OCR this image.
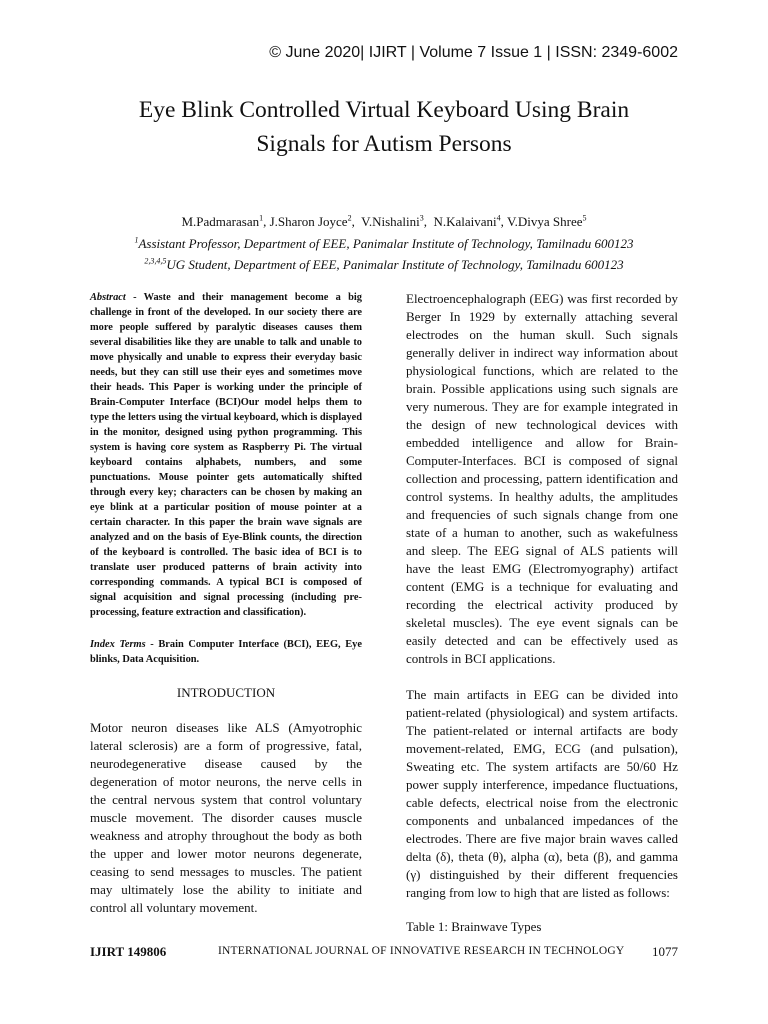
© June 2020| IJIRT | Volume 7 Issue 1 | ISSN: 2349-6002
Eye Blink Controlled Virtual Keyboard Using Brain
Signals for Autism Persons
M.Padmarasan$^1$, J.Sharon Joyce$^2$,  V.Nishalini$^3$,  N.Kalaivani$^4$, V.Divya Shree$^5$
$^1$Assistant Professor, Department of EEE, Panimalar Institute of Technology, Tamilnadu 600123
$^{2,3,4,5}$UG Student, Department of EEE, Panimalar Institute of Technology, Tamilnadu 600123

Abstract - Waste and their management become a big challenge in front of the developed. In our society there are more people suffered by paralytic diseases causes them several disabilities like they are unable to talk and unable to move physically and unable to express their everyday basic needs, but they can still use their eyes and sometimes move their heads. This Paper is working under the principle of Brain-Computer Interface (BCI)Our model helps them to type the letters using the virtual keyboard, which is displayed in the monitor, designed using python programming. This system is having core system as Raspberry Pi. The virtual keyboard contains alphabets, numbers, and some punctuations. Mouse pointer gets automatically shifted through every key; characters can be chosen by making an eye blink at a particular position of mouse pointer at a certain character. In this paper the brain wave signals are analyzed and on the basis of Eye-Blink counts, the direction of the keyboard is controlled. The basic idea of BCI is to translate user produced patterns of brain activity into corresponding commands. A typical BCI is composed of signal acquisition and signal processing (including pre-processing, feature extraction and classification).

Index Terms - Brain Computer Interface (BCI), EEG, Eye blinks, Data Acquisition.

INTRODUCTION

Motor neuron diseases like ALS (Amyotrophic lateral sclerosis) are a form of progressive, fatal, neurodegenerative disease caused by the degeneration of motor neurons, the nerve cells in the central nervous system that control voluntary muscle movement. The disorder causes muscle weakness and atrophy throughout the body as both the upper and lower motor neurons degenerate, ceasing to send messages to muscles. The patient may ultimately lose the ability to initiate and control all voluntary movement.

Electroencephalograph (EEG) was first recorded by Berger In 1929 by externally attaching several electrodes on the human skull. Such signals generally deliver in indirect way information about physiological functions, which are related to the brain. Possible applications using such signals are very numerous. They are for example integrated in the design of new technological devices with embedded intelligence and allow for Brain-Computer-Interfaces. BCI is composed of signal collection and processing, pattern identification and control systems. In healthy adults, the amplitudes and frequencies of such signals change from one state of a human to another, such as wakefulness and sleep. The EEG signal of ALS patients will have the least EMG (Electromyography) artifact content (EMG is a technique for evaluating and recording the electrical activity produced by skeletal muscles). The eye event signals can be easily detected and can be effectively used as controls in BCI applications.

The main artifacts in EEG can be divided into patient-related (physiological) and system artifacts. The patient-related or internal artifacts are body movement-related, EMG, ECG (and pulsation), Sweating etc. The system artifacts are 50/60 Hz power supply interference, impedance fluctuations, cable defects, electrical noise from the electronic components and unbalanced impedances of the electrodes. There are five major brain waves called delta (δ), theta (θ), alpha (α), beta (β), and gamma (γ) distinguished by their different frequencies ranging from low to high that are listed as follows:

Table 1: Brainwave Types

IJIRT 149806	INTERNATIONAL JOURNAL OF INNOVATIVE RESEARCH IN TECHNOLOGY 1077
